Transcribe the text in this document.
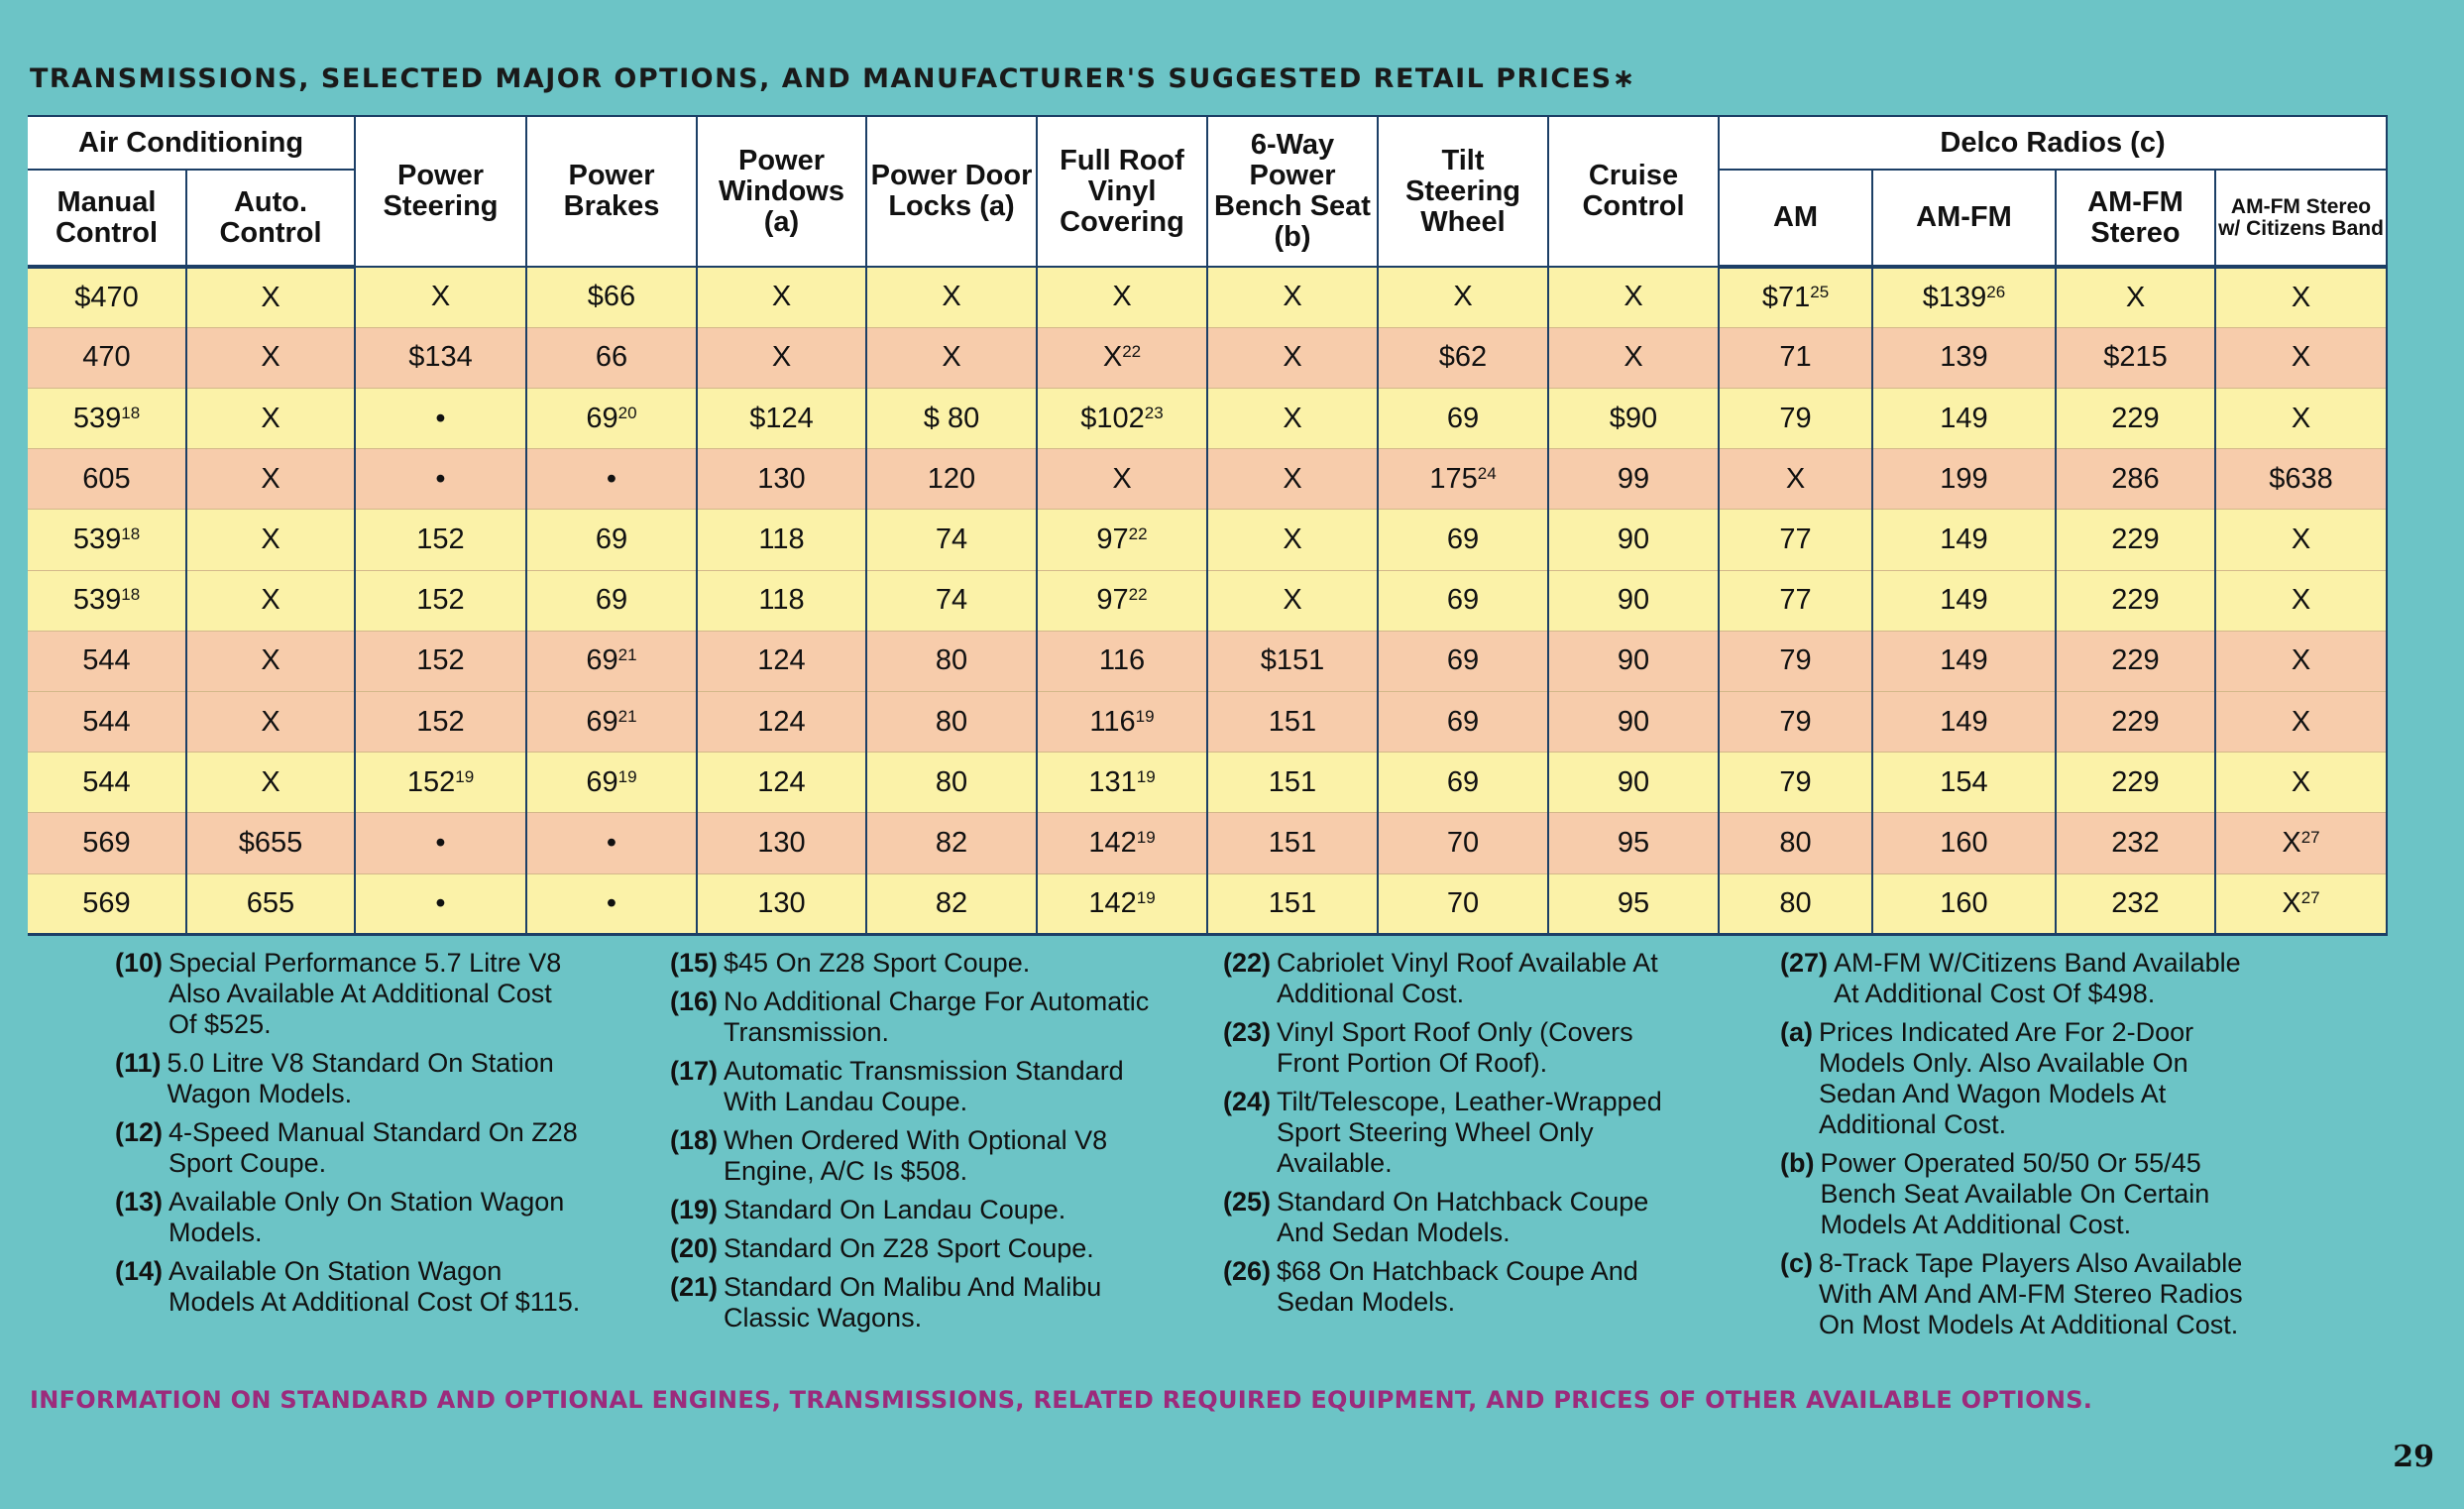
TRANSMISSIONS, SELECTED MAJOR OPTIONS, AND MANUFACTURER'S SUGGESTED RETAIL PRICES∗
Air Conditioning		Power Steering	Power Brakes	Power Windows (a)	Power Door Locks (a)	Full Roof Vinyl Covering	6-Way Power Bench Seat (b)	Tilt Steering Wheel	Cruise Control	Delco Radios (c)			
Manual Control	Auto. Control									AM	AM-FM	AM-FM Stereo	AM-FM Stereo w/ Citizens Band
$470	X	X	$66	X	X	X	X	X	X	$\$71^{25}$	$\$139^{26}$	X	X
470	X	$134	66	X	X	$X^{22}$	X	$62	X	71	139	$215	X
$539^{18}$	X	•	$69^{20}$	$124	$ 80	$\$102^{23}$	X	69	$90	79	149	229	X
605	X	•	•	130	120	X	X	$175^{24}$	99	X	199	286	$638
$539^{18}$	X	152	69	118	74	$97^{22}$	X	69	90	77	149	229	X
$539^{18}$	X	152	69	118	74	$97^{22}$	X	69	90	77	149	229	X
544	X	152	$69^{21}$	124	80	116	$151	69	90	79	149	229	X
544	X	152	$69^{21}$	124	80	$116^{19}$	151	69	90	79	149	229	X
544	X	$152^{19}$	$69^{19}$	124	80	$131^{19}$	151	69	90	79	154	229	X
569	$655	•	•	130	82	$142^{19}$	151	70	95	80	160	232	$X^{27}$
569	655	•	•	130	82	$142^{19}$	151	70	95	80	160	232	$X^{27}$
(10) Special Performance 5.7 Litre V8 Also Available At Additional Cost Of $525.
(11) 5.0 Litre V8 Standard On Station Wagon Models.
(12) 4-Speed Manual Standard On Z28 Sport Coupe.
(13) Available Only On Station Wagon Models.
(14) Available On Station Wagon Models At Additional Cost Of $115.
(15) $45 On Z28 Sport Coupe.
(16) No Additional Charge For Automatic Transmission.
(17) Automatic Transmission Standard With Landau Coupe.
(18) When Ordered With Optional V8 Engine, A/C Is $508.
(19) Standard On Landau Coupe.
(20) Standard On Z28 Sport Coupe.
(21) Standard On Malibu And Malibu Classic Wagons.
(22) Cabriolet Vinyl Roof Available At Additional Cost.
(23) Vinyl Sport Roof Only (Covers Front Portion Of Roof).
(24) Tilt/Telescope, Leather-Wrapped Sport Steering Wheel Only Available.
(25) Standard On Hatchback Coupe And Sedan Models.
(26) $68 On Hatchback Coupe And Sedan Models.
(27) AM-FM W/Citizens Band Available At Additional Cost Of $498.
(a) Prices Indicated Are For 2-Door Models Only. Also Available On Sedan And Wagon Models At Additional Cost.
(b) Power Operated 50/50 Or 55/45 Bench Seat Available On Certain Models At Additional Cost.
(c) 8-Track Tape Players Also Available With AM And AM-FM Stereo Radios On Most Models At Additional Cost.

INFORMATION ON STANDARD AND OPTIONAL ENGINES, TRANSMISSIONS, RELATED REQUIRED EQUIPMENT, AND PRICES OF OTHER AVAILABLE OPTIONS.

29
